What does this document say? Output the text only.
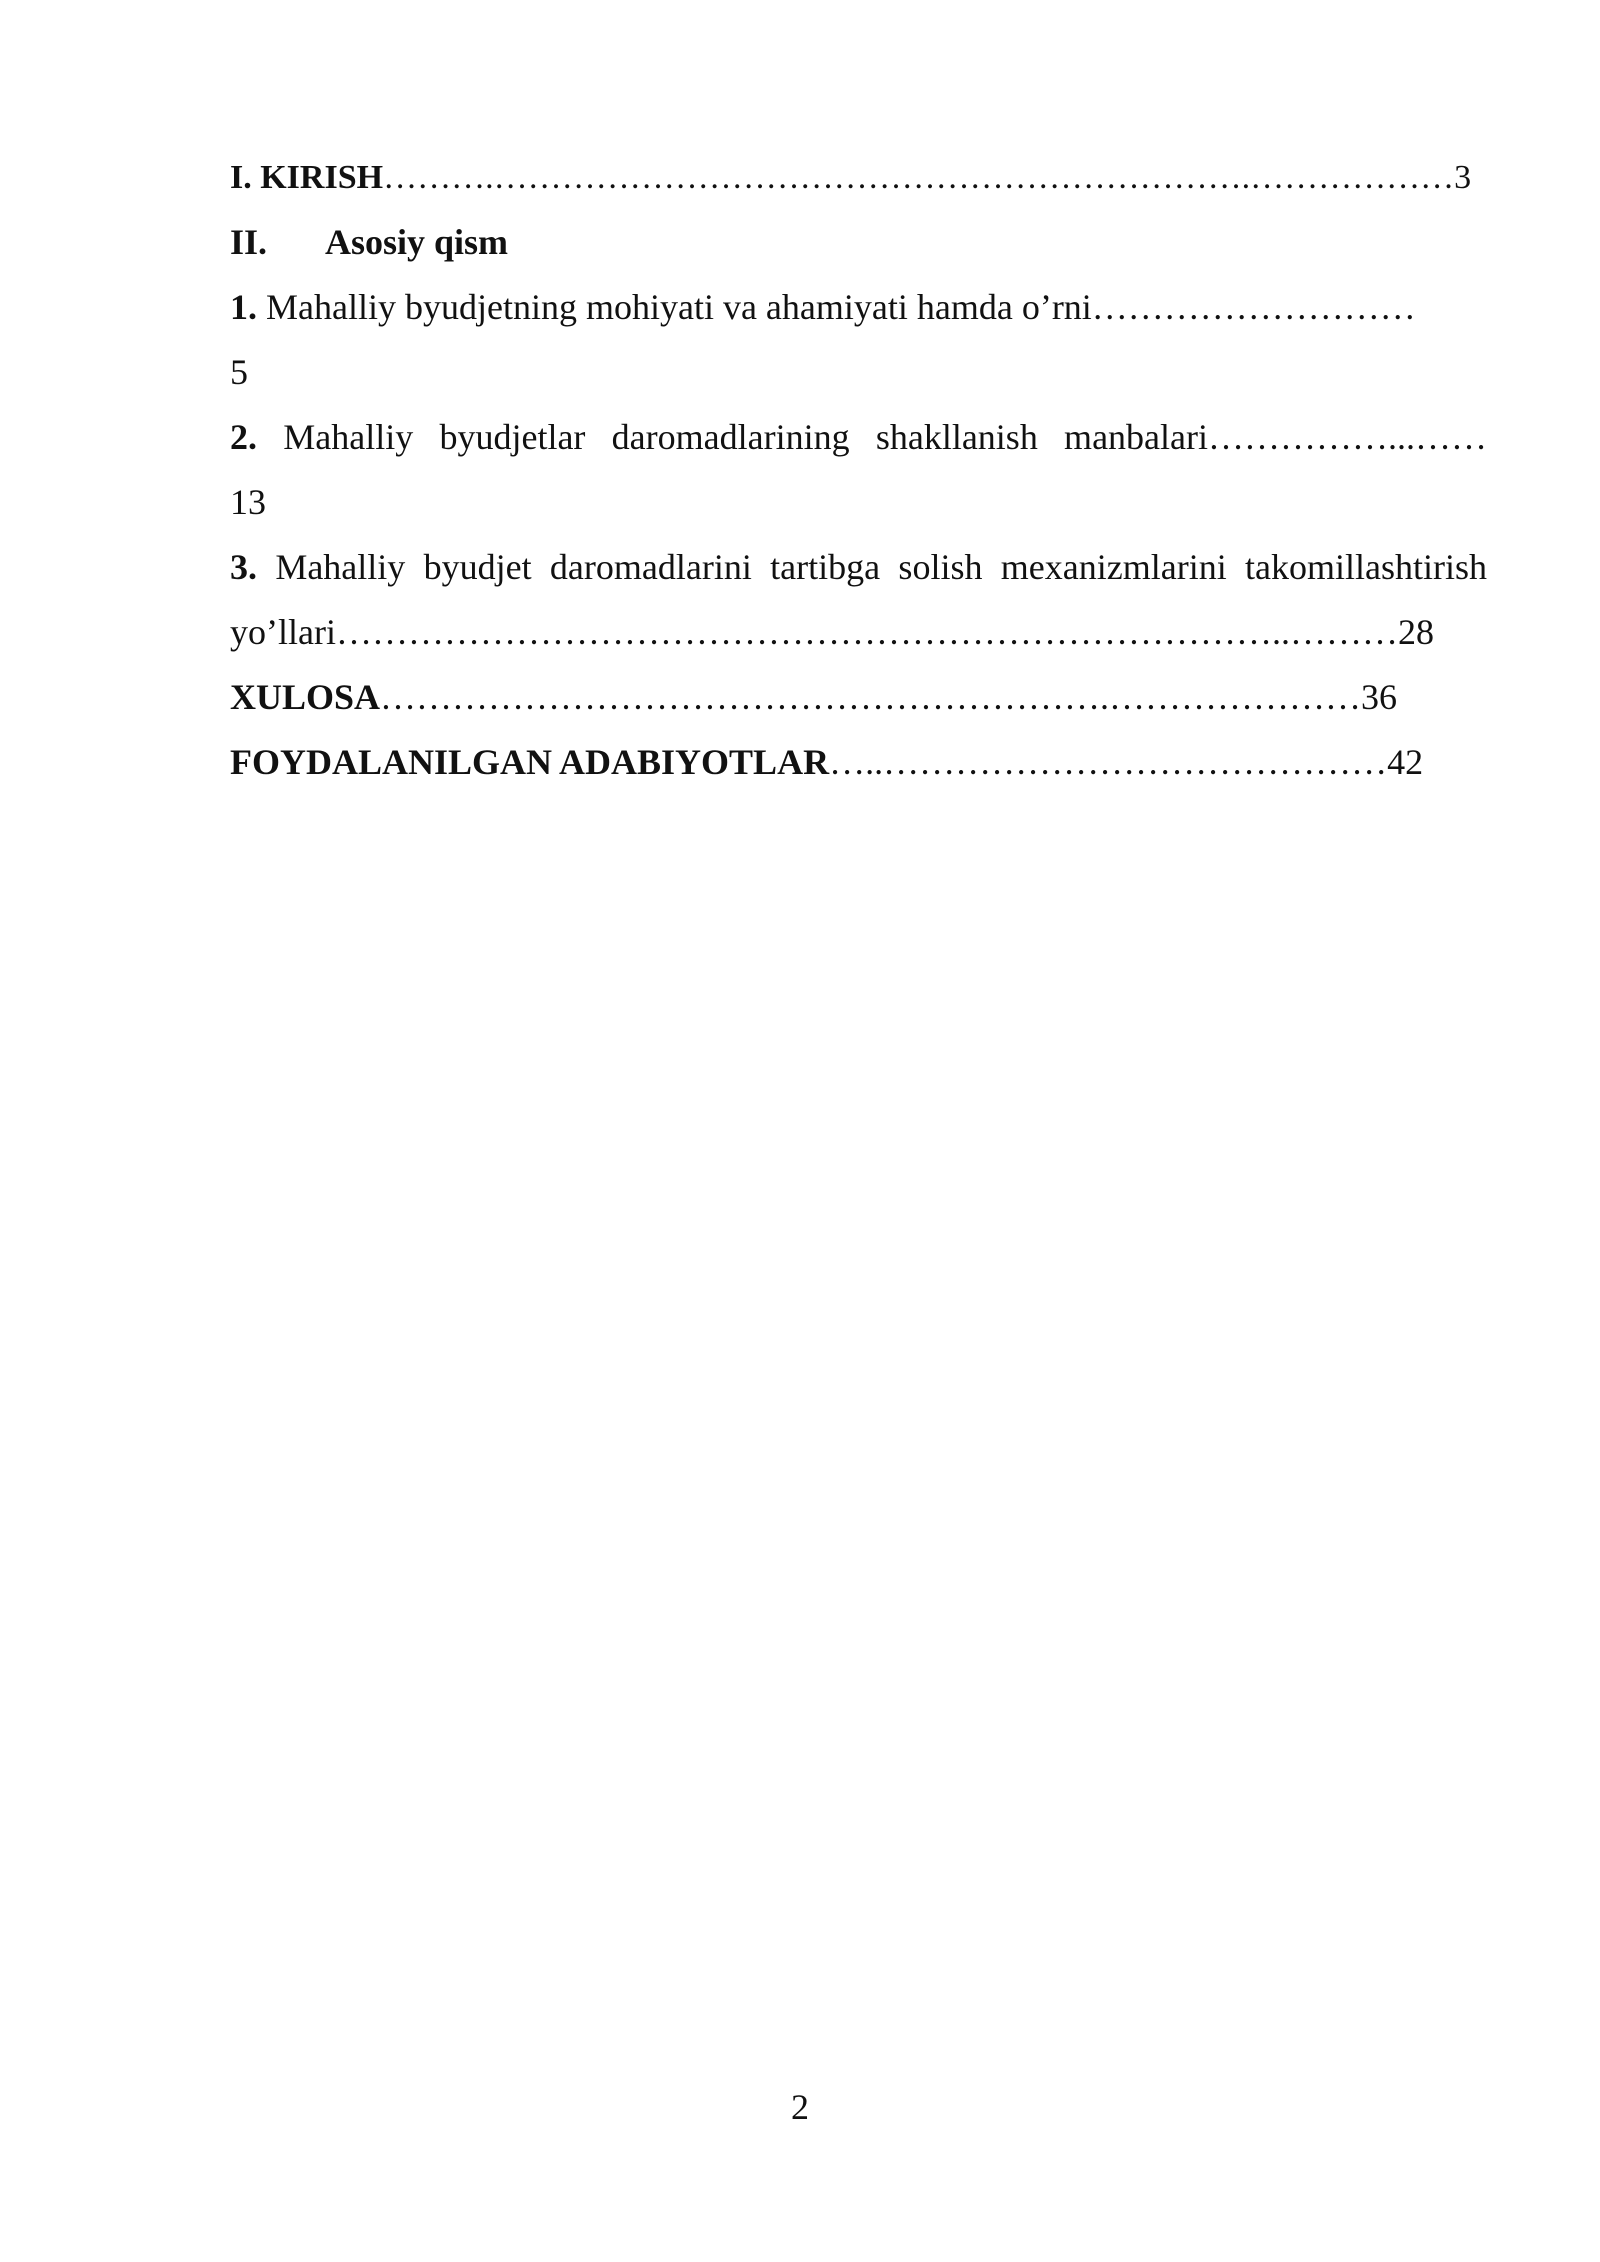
I. KIRISH……….………………………………………………………….………………3
II. Asosiy qism
1. Mahalliy byudjetning mohiyati va ahamiyati hamda o’rni………………………
5
2. Mahalliy byudjetlar daromadlarining shakllanish manbalari……………...……
13
3. Mahalliy byudjet daromadlarini tartibga solish mexanizmlarini takomillashtirish
yo’llari……………………………………………………………………..………28
XULOSA…………………………………………………….…………………36
FOYDALANILGAN ADABIYOTLAR…..……………………………………42
2
